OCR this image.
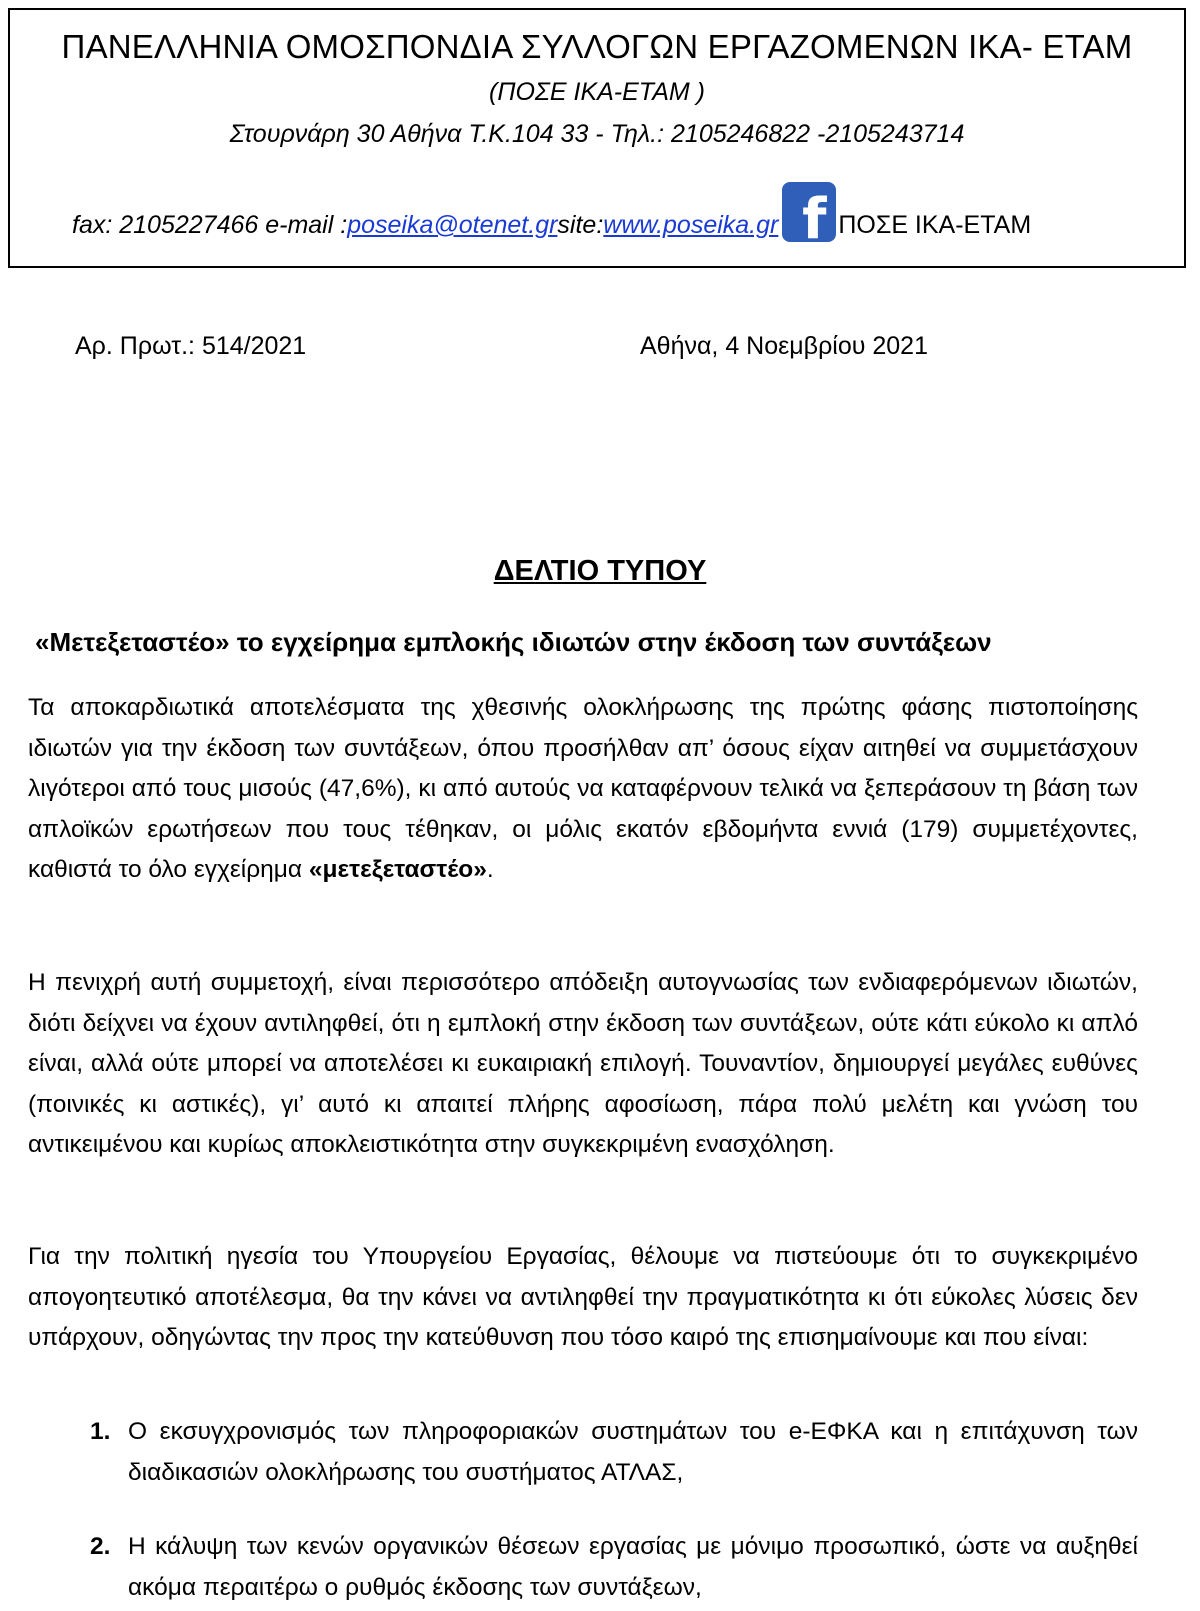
ΠΑΝΕΛΛΗΝΙΑ ΟΜΟΣΠΟΝΔΙΑ ΣΥΛΛΟΓΩΝ ΕΡΓΑΖΟΜΕΝΩΝ ΙΚΑ- ΕΤΑΜ
(ΠΟΣΕ ΙΚΑ-ΕΤΑΜ )
Στουρνάρη 30 Αθήνα Τ.Κ.104 33 - Τηλ.: 2105246822 -2105243714
fax: 2105227466 e-mail : poseika@otenet.gr site: www.poseika.gr f ΠΟΣΕ ΙΚΑ-ΕΤΑΜ
Αρ. Πρωτ.: 514/2021	Αθήνα, 4 Νοεμβρίου 2021
ΔΕΛΤΙΟ ΤΥΠΟΥ
«Μετεξεταστέο» το εγχείρημα εμπλοκής ιδιωτών στην έκδοση των συντάξεων
Τα αποκαρδιωτικά αποτελέσματα της χθεσινής ολοκλήρωσης της πρώτης φάσης πιστοποίησης ιδιωτών για την έκδοση των συντάξεων, όπου προσήλθαν απ’ όσους είχαν αιτηθεί να συμμετάσχουν λιγότεροι από τους μισούς (47,6%), κι από αυτούς να καταφέρνουν τελικά να ξεπεράσουν τη βάση των απλοϊκών ερωτήσεων που τους τέθηκαν, οι μόλις εκατόν εβδομήντα εννιά (179) συμμετέχοντες, καθιστά το όλο εγχείρημα «μετεξεταστέο».
Η πενιχρή αυτή συμμετοχή, είναι περισσότερο απόδειξη αυτογνωσίας των ενδιαφερόμενων ιδιωτών, διότι δείχνει να έχουν αντιληφθεί, ότι η εμπλοκή στην έκδοση των συντάξεων, ούτε κάτι εύκολο κι απλό είναι, αλλά ούτε μπορεί να αποτελέσει κι ευκαιριακή επιλογή. Τουναντίον, δημιουργεί μεγάλες ευθύνες (ποινικές κι αστικές), γι’ αυτό κι απαιτεί πλήρης αφοσίωση, πάρα πολύ μελέτη και γνώση του αντικειμένου και κυρίως αποκλειστικότητα στην συγκεκριμένη ενασχόληση.
Για την πολιτική ηγεσία του Υπουργείου Εργασίας, θέλουμε να πιστεύουμε ότι το συγκεκριμένο απογοητευτικό αποτέλεσμα, θα την κάνει να αντιληφθεί την πραγματικότητα κι ότι εύκολες λύσεις δεν υπάρχουν, οδηγώντας την προς την κατεύθυνση που τόσο καιρό της επισημαίνουμε και που είναι:
1. Ο εκσυγχρονισμός των πληροφοριακών συστημάτων του e-ΕΦΚΑ και η επιτάχυνση των διαδικασιών ολοκλήρωσης του συστήματος ΑΤΛΑΣ,
2. Η κάλυψη των κενών οργανικών θέσεων εργασίας με μόνιμο προσωπικό, ώστε να αυξηθεί ακόμα περαιτέρω ο ρυθμός έκδοσης των συντάξεων,
